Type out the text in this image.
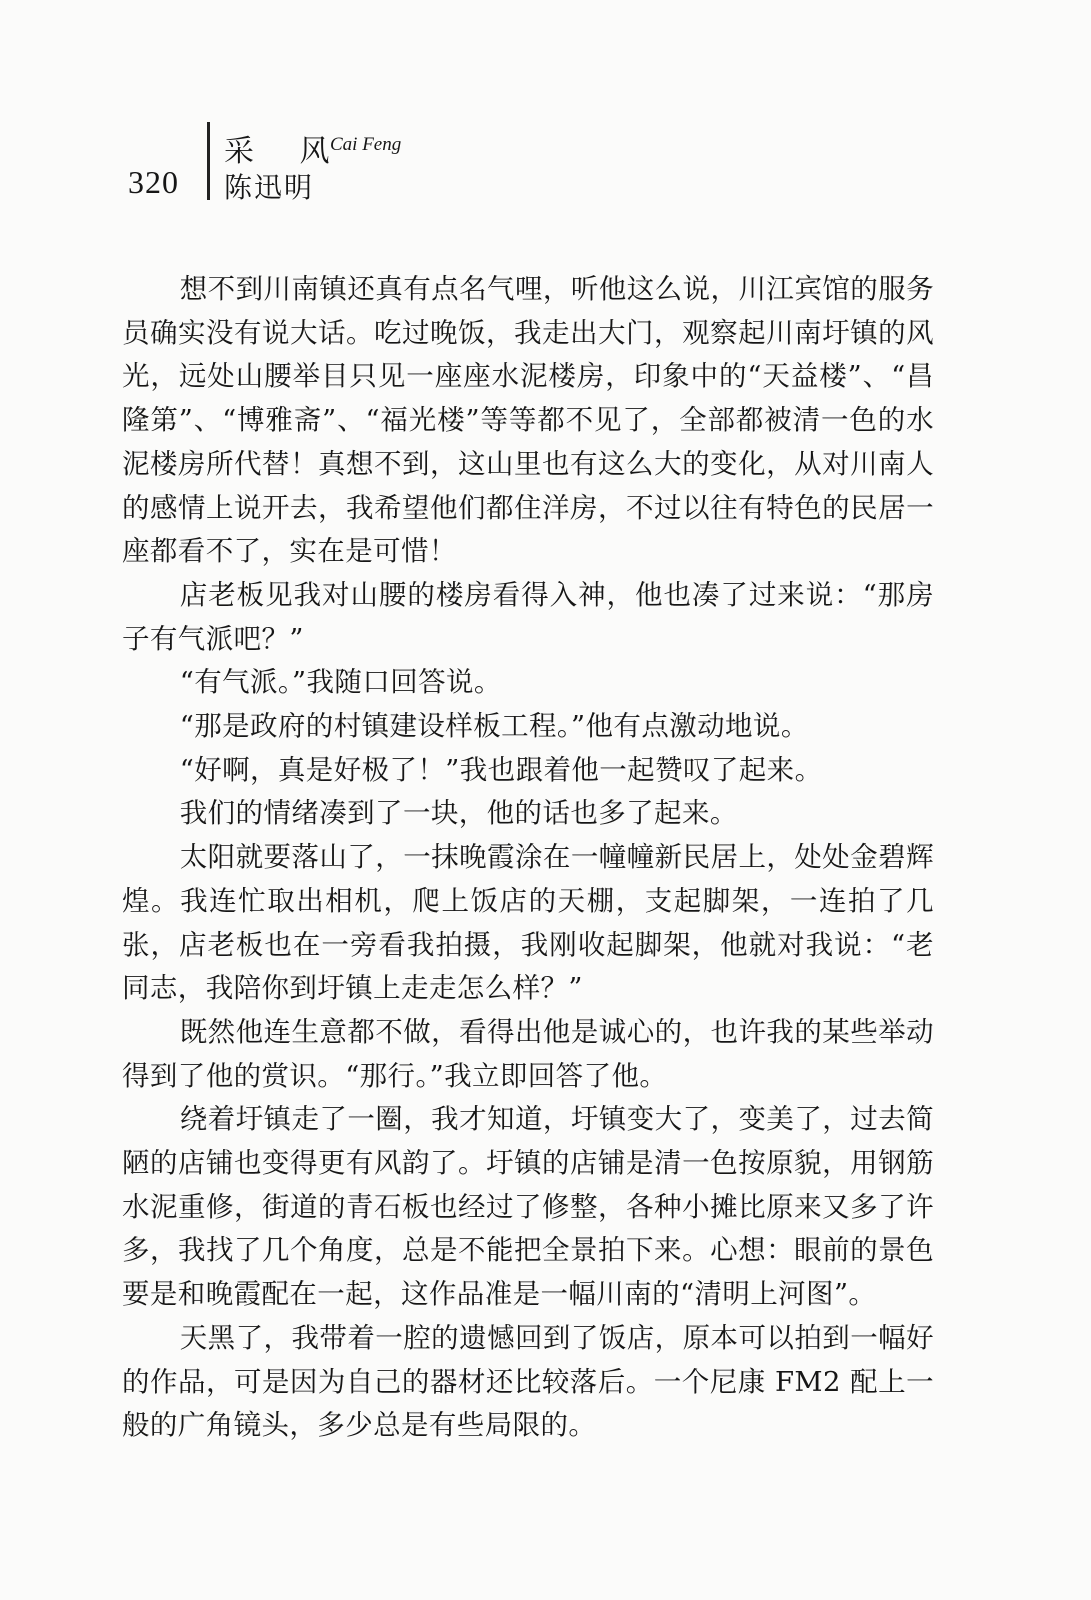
320
采 风
Cai Feng
陈迅明

想不到川南镇还真有点名气哩，听他这么说，川江宾馆的服务员确实没有说大话。吃过晚饭，我走出大门，观察起川南圩镇的风光，远处山腰举目只见一座座水泥楼房，印象中的“天益楼”、“昌隆第”、“博雅斋”、“福光楼”等等都不见了，全部都被清一色的水泥楼房所代替！真想不到，这山里也有这么大的变化，从对川南人的感情上说开去，我希望他们都住洋房，不过以往有特色的民居一座都看不了，实在是可惜！

店老板见我对山腰的楼房看得入神，他也凑了过来说：“那房子有气派吧？”

“有气派。”我随口回答说。

“那是政府的村镇建设样板工程。”他有点激动地说。

“好啊，真是好极了！”我也跟着他一起赞叹了起来。

我们的情绪凑到了一块，他的话也多了起来。

太阳就要落山了，一抹晚霞涂在一幢幢新民居上，处处金碧辉煌。我连忙取出相机，爬上饭店的天棚，支起脚架，一连拍了几张，店老板也在一旁看我拍摄，我刚收起脚架，他就对我说：“老同志，我陪你到圩镇上走走怎么样？”

既然他连生意都不做，看得出他是诚心的，也许我的某些举动得到了他的赏识。“那行。”我立即回答了他。

绕着圩镇走了一圈，我才知道，圩镇变大了，变美了，过去简陋的店铺也变得更有风韵了。圩镇的店铺是清一色按原貌，用钢筋水泥重修，街道的青石板也经过了修整，各种小摊比原来又多了许多，我找了几个角度，总是不能把全景拍下来。心想：眼前的景色要是和晚霞配在一起，这作品准是一幅川南的“清明上河图”。

天黑了，我带着一腔的遗憾回到了饭店，原本可以拍到一幅好的作品，可是因为自己的器材还比较落后。一个尼康 FM2 配上一般的广角镜头，多少总是有些局限的。
